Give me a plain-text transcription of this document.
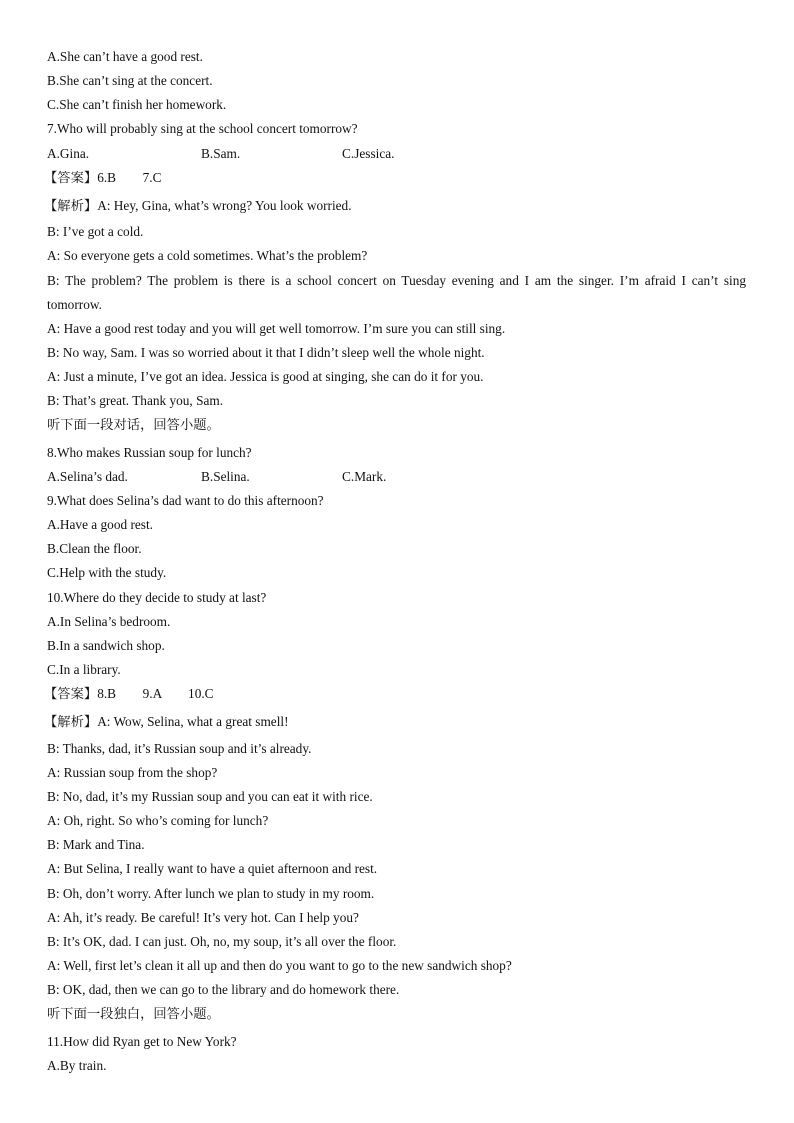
A.She can’t have a good rest.
B.She can’t sing at the concert.
C.She can’t finish her homework.
7.Who will probably sing at the school concert tomorrow?
A.Gina.	B.Sam.	C.Jessica.
【答案】6.B        7.C
【解析】A: Hey, Gina, what’s wrong? You look worried.
B: I’ve got a cold.
A: So everyone gets a cold sometimes. What’s the problem?
B: The problem? The problem is there is a school concert on Tuesday evening and I am the singer. I’m afraid I can’t sing
tomorrow.
A: Have a good rest today and you will get well tomorrow. I’m sure you can still sing.
B: No way, Sam. I was so worried about it that I didn’t sleep well the whole night.
A: Just a minute, I’ve got an idea. Jessica is good at singing, she can do it for you.
B: That’s great. Thank you, Sam.
听下面一段对话，回答小题。
8.Who makes Russian soup for lunch?
A.Selina’s dad.	B.Selina.	C.Mark.
9.What does Selina’s dad want to do this afternoon?
A.Have a good rest.
B.Clean the floor.
C.Help with the study.
10.Where do they decide to study at last?
A.In Selina’s bedroom.
B.In a sandwich shop.
C.In a library.
【答案】8.B        9.A        10.C
【解析】A: Wow, Selina, what a great smell!
B: Thanks, dad, it’s Russian soup and it’s already.
A: Russian soup from the shop?
B: No, dad, it’s my Russian soup and you can eat it with rice.
A: Oh, right. So who’s coming for lunch?
B: Mark and Tina.
A: But Selina, I really want to have a quiet afternoon and rest.
B: Oh, don’t worry. After lunch we plan to study in my room.
A: Ah, it’s ready. Be careful! It’s very hot. Can I help you?
B: It’s OK, dad. I can just. Oh, no, my soup, it’s all over the floor.
A: Well, first let’s clean it all up and then do you want to go to the new sandwich shop?
B: OK, dad, then we can go to the library and do homework there.
听下面一段独白，回答小题。
11.How did Ryan get to New York?
A.By train.
